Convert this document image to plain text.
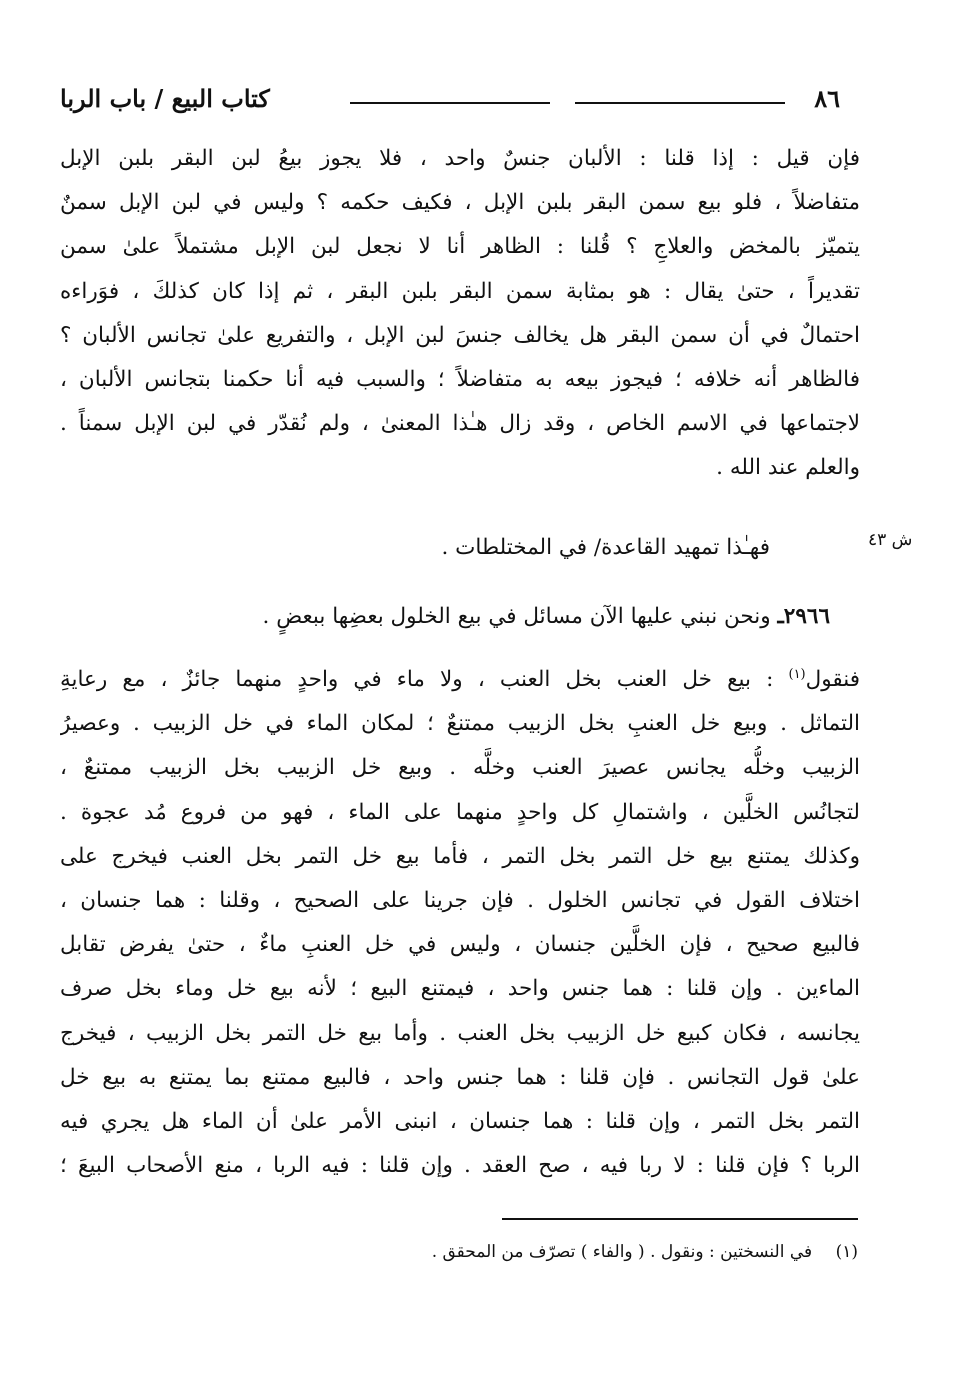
٨٦
كتاب البيع / باب الربا
فإن قيل : إذا قلنا : الألبان جنسٌ واحد ، فلا يجوز بيعُ لبن البقر بلبن الإبل
متفاضلاً ، فلو بيع سمن البقر بلبن الإبل ، فكيف حكمه ؟ وليس في لبن الإبل سمنٌ
يتميّز بالمخض والعلاجِ ؟ قُلنا : الظاهر أنا لا نجعل لبن الإبل مشتملاً علىٰ سمن
تقديراً ، حتىٰ يقال : هو بمثابة سمن البقر بلبن البقر ، ثم إذا كان كذلكَ ، فوَراءه
احتمالٌ في أن سمن البقر هل يخالف جنسَ لبن الإبل ، والتفريع علىٰ تجانس الألبان ؟
فالظاهر أنه خلافه ؛ فيجوز بيعه به متفاضلاً ؛ والسبب فيه أنا حكمنا بتجانس الألبان ،
لاجتماعها في الاسم الخاص ، وقد زال هـٰذا المعنىٰ ، ولم نُقدّر في لبن الإبل سمناً .
والعلم عند الله .
ش ٤٣
فهـٰذا تمهيد القاعدة/ في المختلطات .
٢٩٦٦ـ ونحن نبني عليها الآن مسائل في بيع الخلول بعضِها ببعضٍ .
فنقول$^{(١)}$ : بيع خل العنب بخل العنب ، ولا ماء في واحدٍ منهما جائزٌ ، مع رعايةِ
التماثل . وبيع خل العنبِ بخل الزبيب ممتنعٌ ؛ لمكان الماء في خل الزبيب . وعصيرُ
الزبيب وخلُّه يجانس عصيرَ العنب وخلَّه . وبيع خل الزبيب بخل الزبيب ممتنعٌ ،
لتجانُس الخلَّين ، واشتمالِ كل واحدٍ منهما على الماء ، فهو من فروع مُد عجوة .
وكذلك يمتنع بيع خل التمر بخل التمر ، فأما بيع خل التمر بخل العنب فيخرج على
اختلاف القول في تجانس الخلول . فإن جرينا على الصحيح ، وقلنا : هما جنسان ،
فالبيع صحيح ، فإن الخلَّين جنسان ، وليس في خل العنبِ ماءٌ ، حتىٰ يفرض تقابل
الماءين . وإن قلنا : هما جنس واحد ، فيمتنع البيع ؛ لأنه بيع خل وماء بخل صرف
يجانسه ، فكان كبيع خل الزبيب بخل العنب . وأما بيع خل التمر بخل الزبيب ، فيخرج
علىٰ قول التجانس . فإن قلنا : هما جنس واحد ، فالبيع ممتنع بما يمتنع به بيع خل
التمر بخل التمر ، وإن قلنا : هما جنسان ، انبنى الأمر علىٰ أن الماء هل يجري فيه
الربا ؟ فإن قلنا : لا ربا فيه ، صح العقد . وإن قلنا : فيه الربا ، منع الأصحاب البيعَ ؛
(١) في النسختين : ونقول . ( والفاء ) تصرّف من المحقق .
